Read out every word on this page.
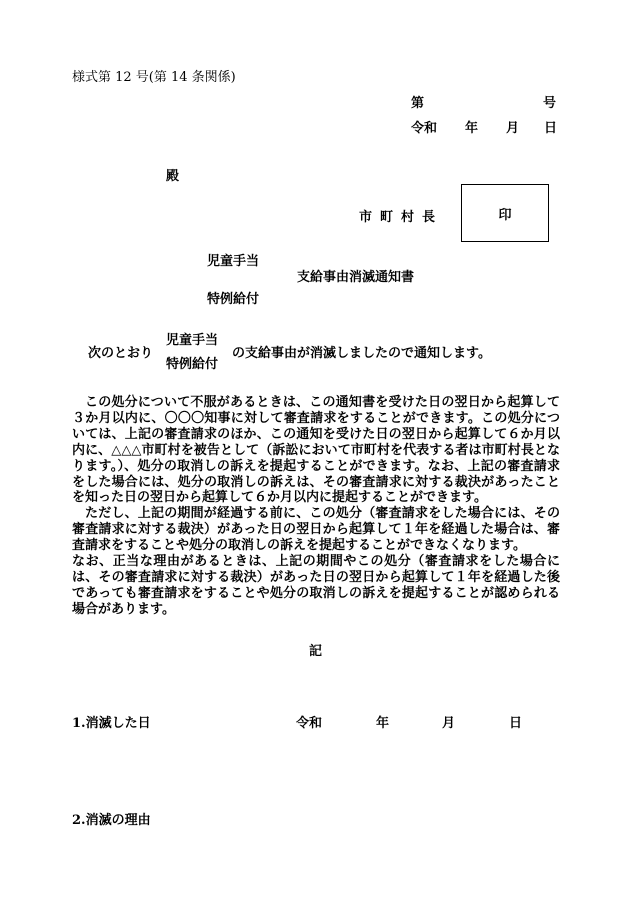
様式第 12 号(第 14 条関係)
第	号
令和 年 月 日
殿
市町村長	印
児童手当
支給事由消滅通知書
特例給付
次のとおり
児童手当
特例給付
の支給事由が消滅しましたので通知します。

この処分について不服があるときは、この通知書を受けた日の翌日から起算して３か月以内に、〇〇〇知事に対して審査請求をすることができます。この処分については、上記の審査請求のほか、この通知を受けた日の翌日から起算して６か月以内に、△△△市町村を被告として（訴訟において市町村を代表する者は市町村長となります。）、処分の取消しの訴えを提起することができます。なお、上記の審査請求をした場合には、処分の取消しの訴えは、その審査請求に対する裁決があったことを知った日の翌日から起算して６か月以内に提起することができます。

ただし、上記の期間が経過する前に、この処分（審査請求をした場合には、その審査請求に対する裁決）があった日の翌日から起算して１年を経過した場合は、審査請求をすることや処分の取消しの訴えを提起することができなくなります。

なお、正当な理由があるときは、上記の期間やこの処分（審査請求をした場合には、その審査請求に対する裁決）があった日の翌日から起算して１年を経過した後であっても審査請求をすることや処分の取消しの訴えを提起することが認められる場合があります。

記
1.消滅した日	令和	年	月	日
2.消滅の理由
